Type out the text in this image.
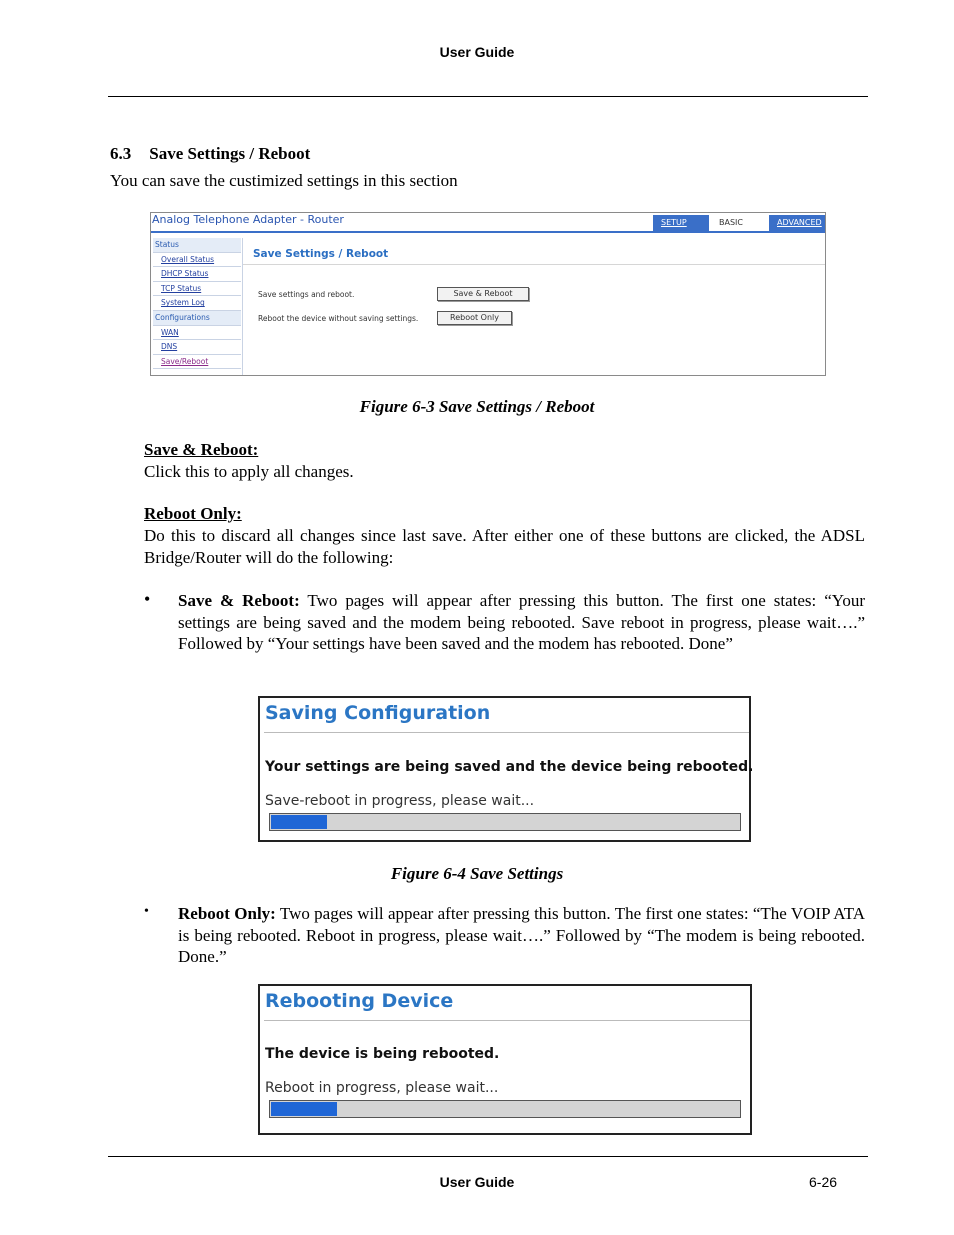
User Guide
6.3 Save Settings / Reboot
You can save the custimized settings in this section
Analog Telephone Adapter - Router	SETUP	BASIC	ADVANCED
Status
Overall Status
DHCP Status
TCP Status
System Log
Configurations
WAN
DNS
Save/Reboot
Save Settings / Reboot
Save settings and reboot.	Save & Reboot
Reboot the device without saving settings.	Reboot Only
Figure 6-3 Save Settings / Reboot
Save & Reboot:
Click this to apply all changes.
Reboot Only:
Do this to discard all changes since last save. After either one of these buttons are clicked, the ADSL Bridge/Router will do the following:
• Save & Reboot: Two pages will appear after pressing this button. The first one states: “Your settings are being saved and the modem being rebooted. Save reboot in progress, please wait….” Followed by “Your settings have been saved and the modem has rebooted. Done”
Saving Configuration
Your settings are being saved and the device being rebooted.
Save-reboot in progress, please wait...
Figure 6-4 Save Settings
• Reboot Only: Two pages will appear after pressing this button. The first one states: “The VOIP ATA is being rebooted. Reboot in progress, please wait….” Followed by “The modem is being rebooted. Done.”
Rebooting Device
The device is being rebooted.
Reboot in progress, please wait...
User Guide	6-26
